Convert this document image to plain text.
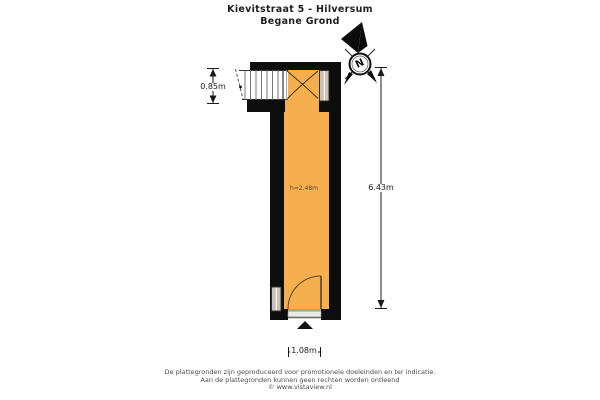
Kievitstraat 5 - Hilversum
Begane Grond
N
0.85m
6.43m
1.08m
h=2.48m
De plattegronden zijn geproduceerd voor promotionele doeleinden en ter indicatie.
Aan de plattegronden kunnen geen rechten worden ontleend
© www.vistaview.nl
